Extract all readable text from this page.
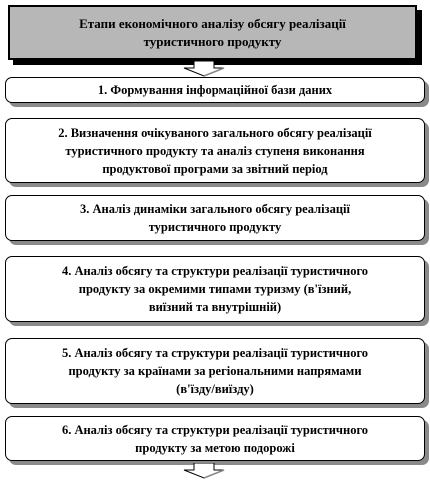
Етапи економічного аналізу обсягу реалізації
туристичного продукту
1. Формування інформаційної бази даних
2. Визначення очікуваного загального обсягу реалізації
туристичного продукту та аналіз ступеня виконання
продуктової програми за звітний період
3. Аналіз динаміки загального обсягу реалізації
туристичного продукту
4. Аналіз обсягу та структури реалізації туристичного
продукту за окремими типами туризму (в'їзний,
виїзний та внутрішній)
5. Аналіз обсягу та структури реалізації туристичного
продукту за країнами за регіональними напрямами
(в'їзду/виїзду)
6. Аналіз обсягу та структури реалізації туристичного
продукту за метою подорожі
